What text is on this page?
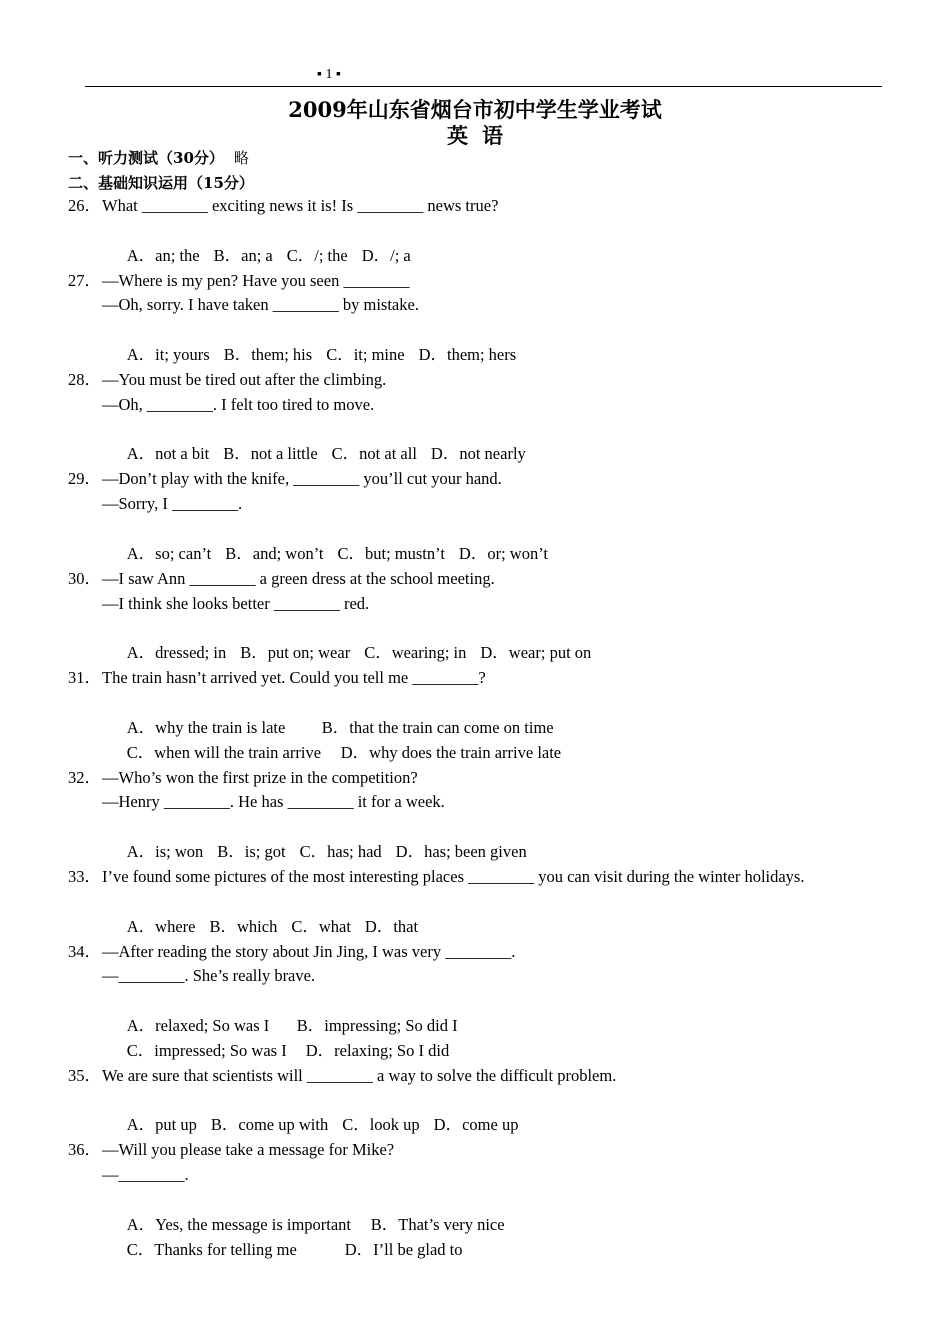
▪ 1 ▪
2009年山东省烟台市初中学生学业考试
英语
一、听力测试（30分） 略
二、基础知识运用（15分）
26．What ________ exciting news it is! Is ________ news true?

A．an; the B．an; a C．/; the D．/; a

27．—Where is my pen? Have you seen ________
—Oh, sorry. I have taken ________ by mistake.

A．it; yours B．them; his C．it; mine D．them; hers

28．—You must be tired out after the climbing.
—Oh, ________. I felt too tired to move.

A．not a bit B．not a little C．not at all D．not nearly

29．—Don’t play with the knife, ________ you’ll cut your hand.
—Sorry, I ________.

A．so; can’t B．and; won’t C．but; mustn’t D．or; won’t

30．—I saw Ann ________ a green dress at the school meeting.
—I think she looks better ________ red.

A．dressed; in B．put on; wear C．wearing; in D．wear; put on

31．The train hasn’t arrived yet. Could you tell me ________?

A．why the train is late B．that the train can come on time

C．when will the train arrive D．why does the train arrive late

32．—Who’s won the first prize in the competition?
—Henry ________. He has ________ it for a week.

A．is; won B．is; got C．has; had D．has; been given

33．I’ve found some pictures of the most interesting places ________ you can visit during the winter holidays.

A．where B．which C．what D．that

34．—After reading the story about Jin Jing, I was very ________.
—________. She’s really brave.

A．relaxed; So was I B．impressing; So did I

C．impressed; So was I D．relaxing; So I did

35．We are sure that scientists will ________ a way to solve the difficult problem.

A．put up B．come up with C．look up D．come up

36．—Will you please take a message for Mike?
—________.

A．Yes, the message is important B．That’s very nice

C．Thanks for telling me	D．I’ll be glad to
